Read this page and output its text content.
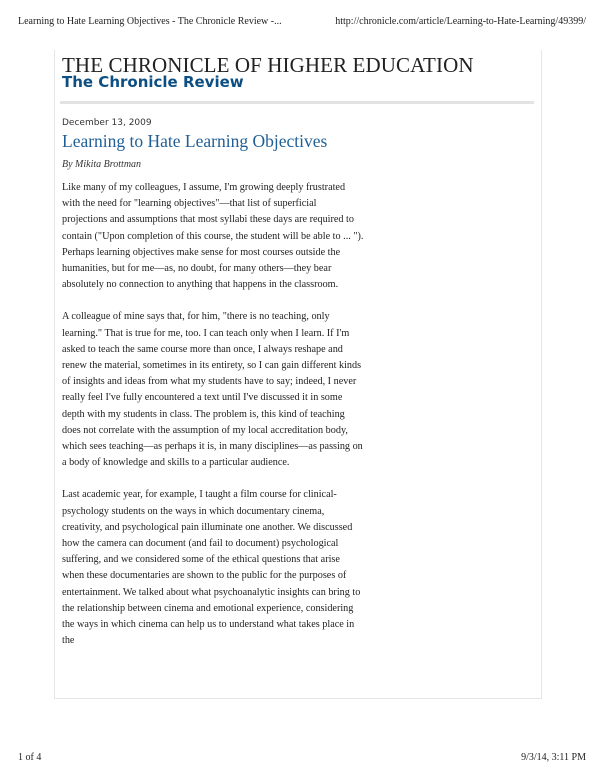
Learning to Hate Learning Objectives - The Chronicle Review -...	http://chronicle.com/article/Learning-to-Hate-Learning/49399/
THE CHRONICLE OF HIGHER EDUCATION
The Chronicle Review
December 13, 2009
Learning to Hate Learning Objectives
By Mikita Brottman

Like many of my colleagues, I assume, I'm growing deeply frustrated with the need for "learning objectives"—that list of superficial projections and assumptions that most syllabi these days are required to contain ("Upon completion of this course, the student will be able to ... "). Perhaps learning objectives make sense for most courses outside the humanities, but for me—as, no doubt, for many others—they bear absolutely no connection to anything that happens in the classroom.

A colleague of mine says that, for him, "there is no teaching, only learning." That is true for me, too. I can teach only when I learn. If I'm asked to teach the same course more than once, I always reshape and renew the material, sometimes in its entirety, so I can gain different kinds of insights and ideas from what my students have to say; indeed, I never really feel I've fully encountered a text until I've discussed it in some depth with my students in class. The problem is, this kind of teaching does not correlate with the assumption of my local accreditation body, which sees teaching—as perhaps it is, in many disciplines—as passing on a body of knowledge and skills to a particular audience.

Last academic year, for example, I taught a film course for clinical-psychology students on the ways in which documentary cinema, creativity, and psychological pain illuminate one another. We discussed how the camera can document (and fail to document) psychological suffering, and we considered some of the ethical questions that arise when these documentaries are shown to the public for the purposes of entertainment. We talked about what psychoanalytic insights can bring to the relationship between cinema and emotional experience, considering the ways in which cinema can help us to understand what takes place in the

1 of 4	9/3/14, 3:11 PM
